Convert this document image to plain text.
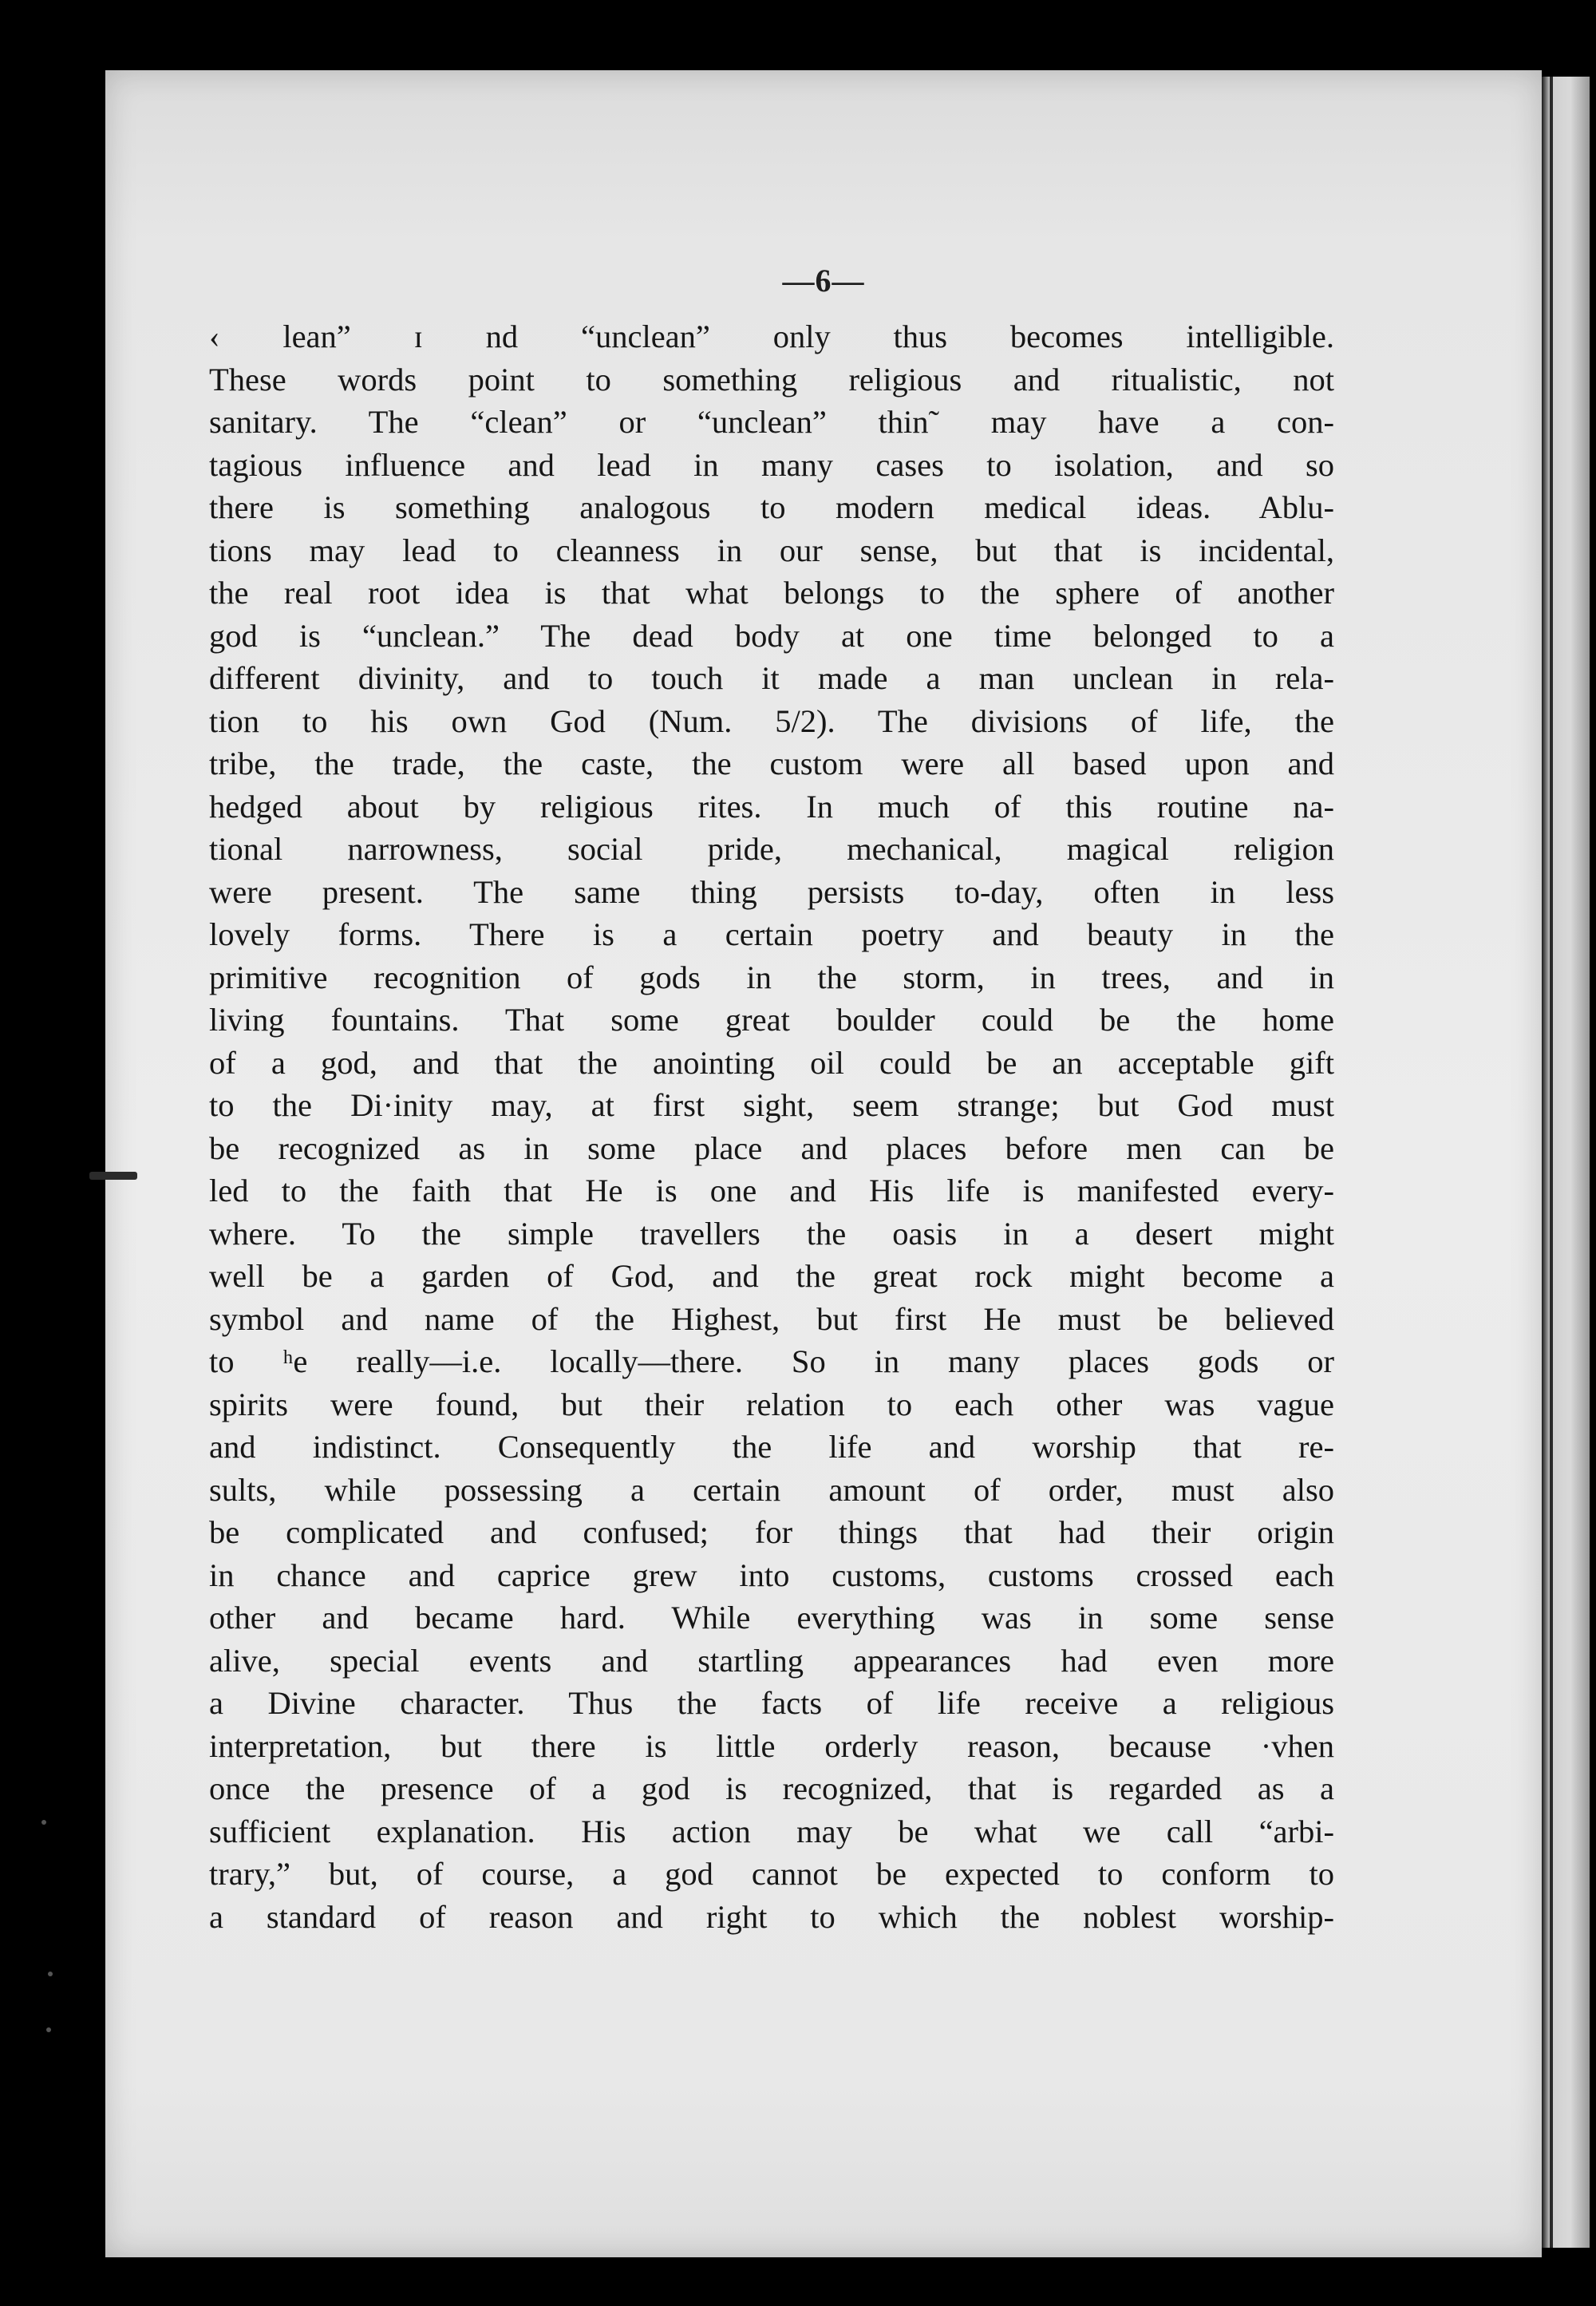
—6—
‹ lean” ɪ nd “unclean” only thus becomes intelligible.
These words point to something religious and ritualistic, not
sanitary. The “clean” or “unclean” thin˜ may have a con-
tagious influence and lead in many cases to isolation, and so
there is something analogous to modern medical ideas. Ablu-
tions may lead to cleanness in our sense, but that is incidental,
the real root idea is that what belongs to the sphere of another
god is “unclean.” The dead body at one time belonged to a
different divinity, and to touch it made a man unclean in rela-
tion to his own God (Num. 5/2). The divisions of life, the
tribe, the trade, the caste, the custom were all based upon and
hedged about by religious rites. In much of this routine na-
tional narrowness, social pride, mechanical, magical religion
were present. The same thing persists to-day, often in less
lovely forms. There is a certain poetry and beauty in the
primitive recognition of gods in the storm, in trees, and in
living fountains. That some great boulder could be the home
of a god, and that the anointing oil could be an acceptable gift
to the Di·inity may, at first sight, seem strange; but God must
be recognized as in some place and places before men can be
led to the faith that He is one and His life is manifested every-
where. To the simple travellers the oasis in a desert might
well be a garden of God, and the great rock might become a
symbol and name of the Highest, but first He must be believed
to ʰe really—i.e. locally—there. So in many places gods or
spirits were found, but their relation to each other was vague
and indistinct. Consequently the life and worship that re-
sults, while possessing a certain amount of order, must also
be complicated and confused; for things that had their origin
in chance and caprice grew into customs, customs crossed each
other and became hard. While everything was in some sense
alive, special events and startling appearances had even more
a Divine character. Thus the facts of life receive a religious
interpretation, but there is little orderly reason, because ·vhen
once the presence of a god is recognized, that is regarded as a
sufficient explanation. His action may be what we call “arbi-
trary,” but, of course, a god cannot be expected to conform to
a standard of reason and right to which the noblest worship-
